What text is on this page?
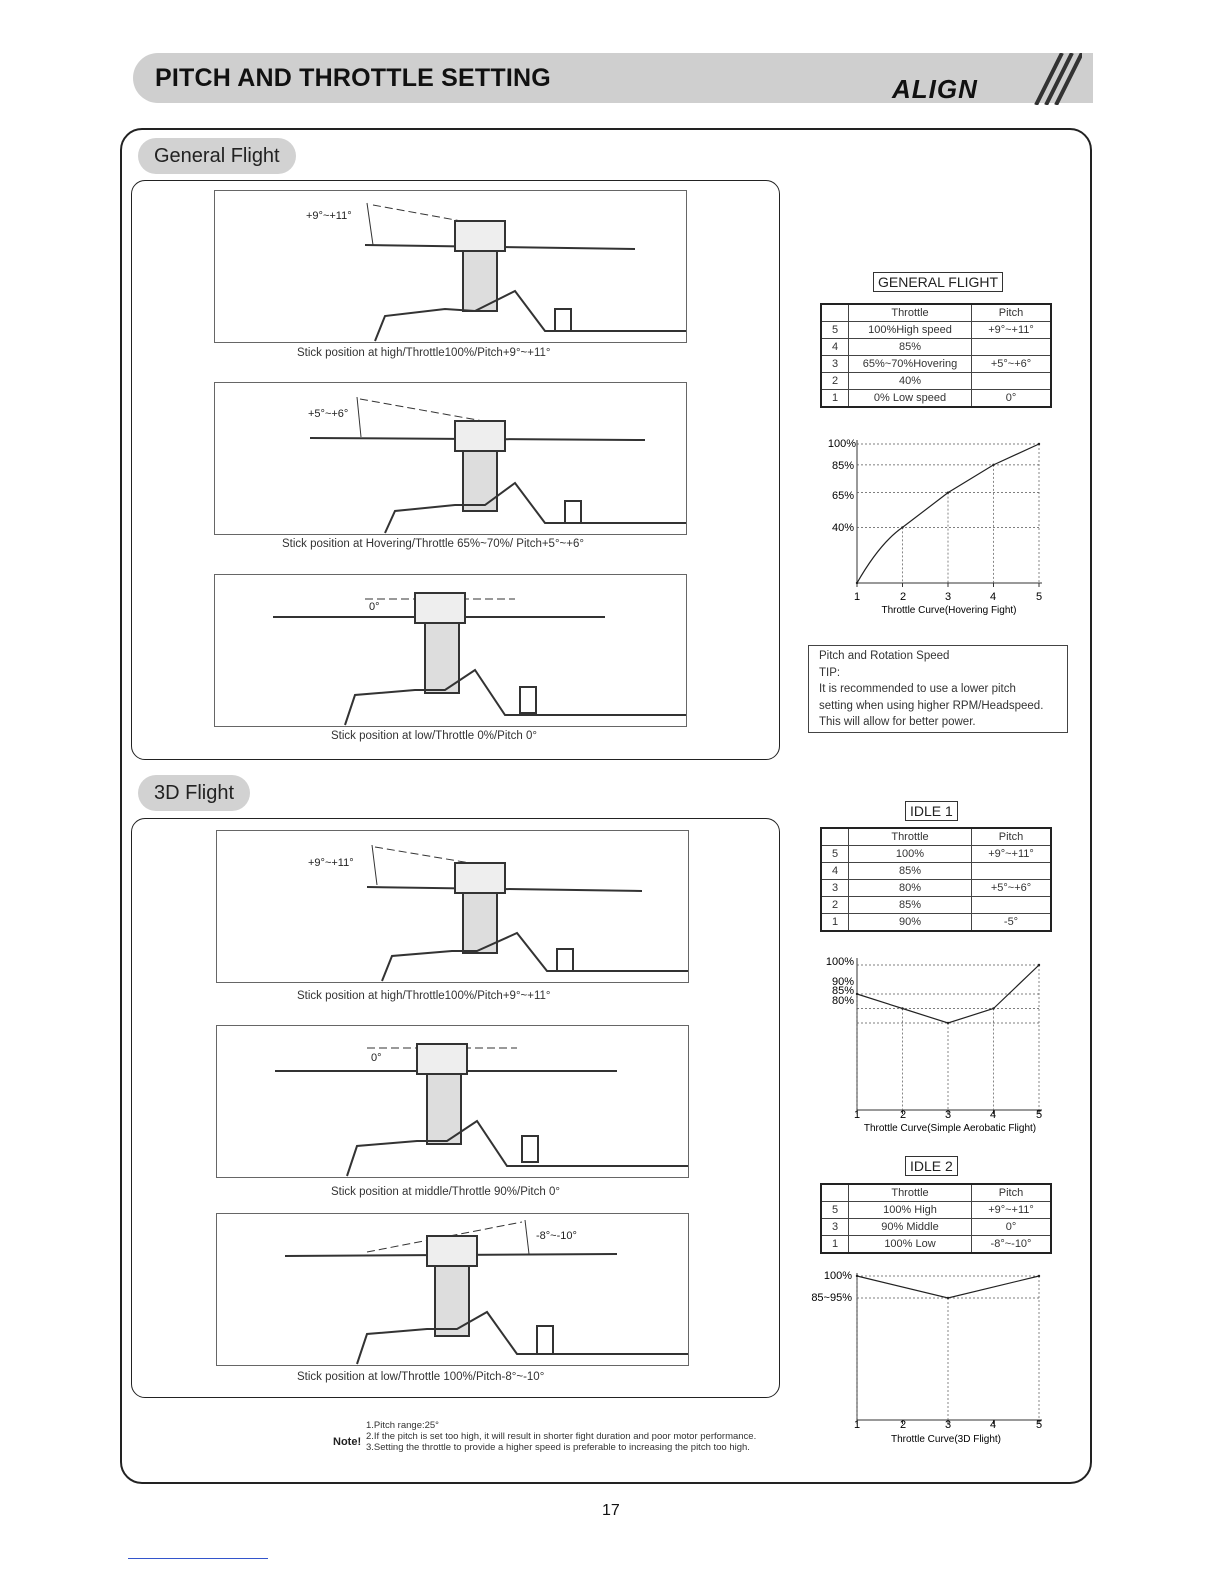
PITCH AND THROTTLE SETTING	ALIGN
General Flight
+9°~+11°
Stick position at high/Throttle100%/Pitch+9°~+11°
+5°~+6°
Stick position at Hovering/Throttle 65%~70%/ Pitch+5°~+6°
0°
Stick position at low/Throttle 0%/Pitch 0°
GENERAL FLIGHT
	Throttle	Pitch
5	100%High speed	+9°~+11°
4	85%	
3	65%~70%Hovering	+5°~+6°
2	40%	
1	0% Low speed	0°
100%
85%
65%
40%
1	2	3	4	5
Throttle Curve(Hovering Fight)
Pitch and Rotation Speed
TIP:
It is recommended to use a lower pitch
setting when using higher RPM/Headspeed.
This will allow for better power.
3D Flight
+9°~+11°
Stick position at high/Throttle100%/Pitch+9°~+11°
0°
Stick position at middle/Throttle 90%/Pitch 0°
-8°~-10°
Stick position at low/Throttle 100%/Pitch-8°~-10°
IDLE 1
	Throttle	Pitch
5	100%	+9°~+11°
4	85%	
3	80%	+5°~+6°
2	85%	
1	90%	-5°
100%
90%
85%
80%
1	2	3	4	5
Throttle Curve(Simple Aerobatic Flight)
IDLE 2
	Throttle	Pitch
5	100% High	+9°~+11°
3	90% Middle	0°
1	100% Low	-8°~-10°
100%
85~95%
1	2	3	4	5
Throttle Curve(3D Flight)
Note!
1.Pitch range:25°
2.If the pitch is set too high, it will result in shorter fight duration and poor motor performance.
3.Setting the throttle to provide a higher speed is preferable to increasing the pitch too high.
17
